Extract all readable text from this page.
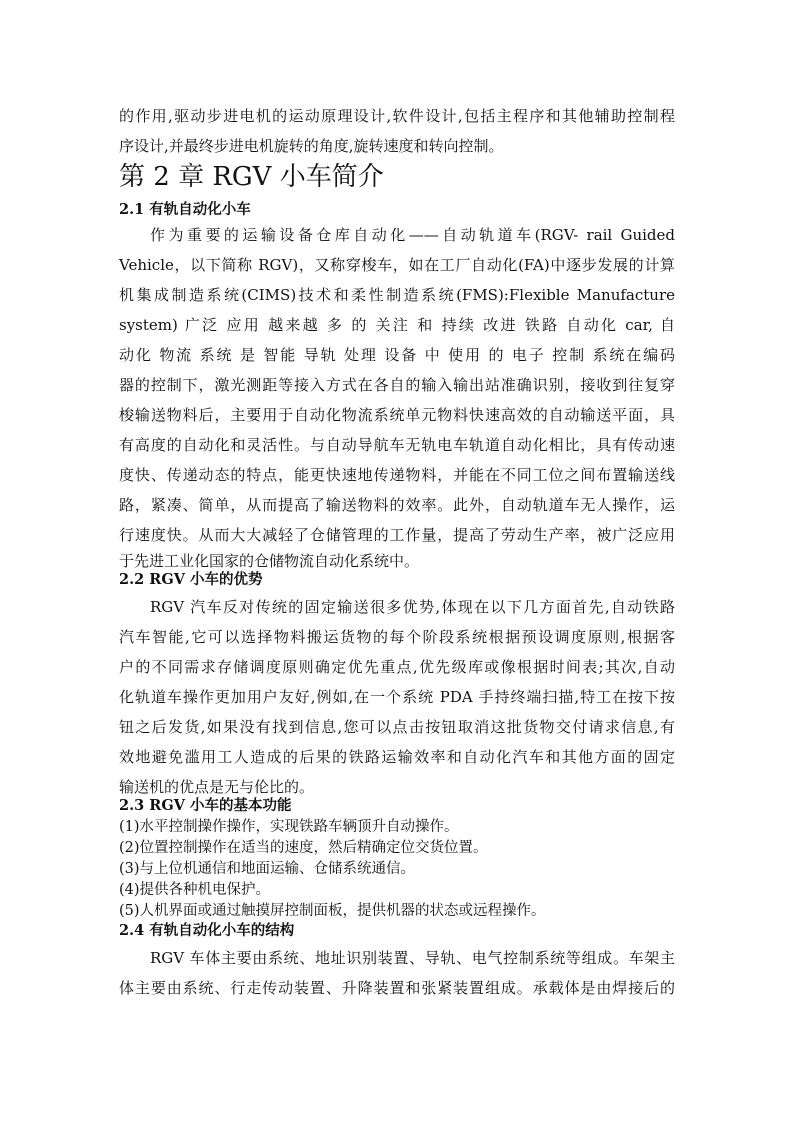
的作用,驱动步进电机的运动原理设计,软件设计,包括主程序和其他辅助控制程
序设计,并最终步进电机旋转的角度,旋转速度和转向控制。
第 2 章 RGV 小车简介
2.1 有轨自动化小车
作为重要的运输设备仓库自动化——自动轨道车(RGV- rail Guided
Vehicle，以下简称 RGV)，又称穿梭车，如在工厂自动化(FA)中逐步发展的计算
机集成制造系统(CIMS)技术和柔性制造系统(FMS):Flexible Manufacture
system) 广泛 应用 越来越 多 的 关注 和 持续 改进 铁路 自动化 car, 自
动化 物流 系统 是 智能 导轨 处理 设备 中 使用 的 电子 控制 系统在编码
器的控制下，激光测距等接入方式在各自的输入输出站准确识别，接收到往复穿
梭输送物料后，主要用于自动化物流系统单元物料快速高效的自动输送平面，具
有高度的自动化和灵活性。与自动导航车无轨电车轨道自动化相比，具有传动速
度快、传递动态的特点，能更快速地传递物料，并能在不同工位之间布置输送线
路，紧凑、简单，从而提高了输送物料的效率。此外，自动轨道车无人操作，运
行速度快。从而大大减轻了仓储管理的工作量，提高了劳动生产率，被广泛应用
于先进工业化国家的仓储物流自动化系统中。
2.2 RGV 小车的优势
RGV 汽车反对传统的固定输送很多优势,体现在以下几方面首先,自动铁路
汽车智能,它可以选择物料搬运货物的每个阶段系统根据预设调度原则,根据客
户的不同需求存储调度原则确定优先重点,优先级库或像根据时间表;其次,自动
化轨道车操作更加用户友好,例如,在一个系统 PDA 手持终端扫描,特工在按下按
钮之后发货,如果没有找到信息,您可以点击按钮取消这批货物交付请求信息,有
效地避免滥用工人造成的后果的铁路运输效率和自动化汽车和其他方面的固定
输送机的优点是无与伦比的。
2.3 RGV 小车的基本功能
(1)水平控制操作操作，实现铁路车辆顶升自动操作。
(2)位置控制操作在适当的速度，然后精确定位交货位置。
(3)与上位机通信和地面运输、仓储系统通信。
(4)提供各种机电保护。
(5)人机界面或通过触摸屏控制面板，提供机器的状态或远程操作。
2.4 有轨自动化小车的结构
RGV 车体主要由系统、地址识别装置、导轨、电气控制系统等组成。车架主
体主要由系统、行走传动装置、升降装置和张紧装置组成。承载体是由焊接后的
